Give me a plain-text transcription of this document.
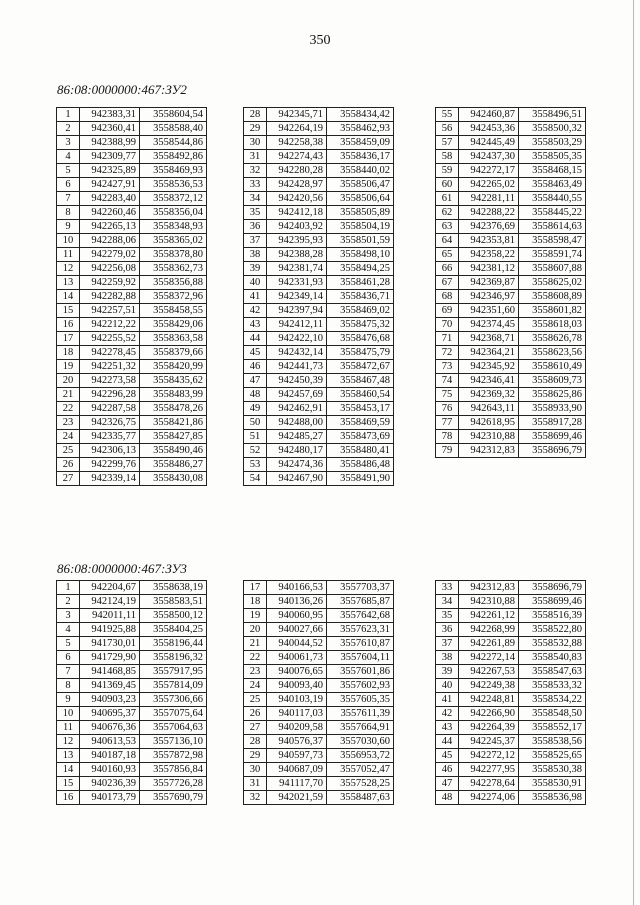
350
86:08:0000000:467:ЗУ2
86:08:0000000:467:ЗУ3
1	942383,31	3558604,54
2	942360,41	3558588,40
3	942388,99	3558544,86
4	942309,77	3558492,86
5	942325,89	3558469,93
6	942427,91	3558536,53
7	942283,40	3558372,12
8	942260,46	3558356,04
9	942265,13	3558348,93
10	942288,06	3558365,02
11	942279,02	3558378,80
12	942256,08	3558362,73
13	942259,92	3558356,88
14	942282,88	3558372,96
15	942257,51	3558458,55
16	942212,22	3558429,06
17	942255,52	3558363,58
18	942278,45	3558379,66
19	942251,32	3558420,99
20	942273,58	3558435,62
21	942296,28	3558483,99
22	942287,58	3558478,26
23	942326,75	3558421,86
24	942335,77	3558427,85
25	942306,13	3558490,46
26	942299,76	3558486,27
27	942339,14	3558430,08
28	942345,71	3558434,42
29	942264,19	3558462,93
30	942258,38	3558459,09
31	942274,43	3558436,17
32	942280,28	3558440,02
33	942428,97	3558506,47
34	942420,56	3558506,64
35	942412,18	3558505,89
36	942403,92	3558504,19
37	942395,93	3558501,59
38	942388,28	3558498,10
39	942381,74	3558494,25
40	942331,93	3558461,28
41	942349,14	3558436,71
42	942397,94	3558469,02
43	942412,11	3558475,32
44	942422,10	3558476,68
45	942432,14	3558475,79
46	942441,73	3558472,67
47	942450,39	3558467,48
48	942457,69	3558460,54
49	942462,91	3558453,17
50	942488,00	3558469,59
51	942485,27	3558473,69
52	942480,17	3558480,41
53	942474,36	3558486,48
54	942467,90	3558491,90
55	942460,87	3558496,51
56	942453,36	3558500,32
57	942445,49	3558503,29
58	942437,30	3558505,35
59	942272,17	3558468,15
60	942265,02	3558463,49
61	942281,11	3558440,55
62	942288,22	3558445,22
63	942376,69	3558614,63
64	942353,81	3558598,47
65	942358,22	3558591,74
66	942381,12	3558607,88
67	942369,87	3558625,02
68	942346,97	3558608,89
69	942351,60	3558601,82
70	942374,45	3558618,03
71	942368,71	3558626,78
72	942364,21	3558623,56
73	942345,92	3558610,49
74	942346,41	3558609,73
75	942369,32	3558625,86
76	942643,11	3558933,90
77	942618,95	3558917,28
78	942310,88	3558699,46
79	942312,83	3558696,79
1	942204,67	3558638,19
2	942124,19	3558583,51
3	942011,11	3558500,12
4	941925,88	3558404,25
5	941730,01	3558196,44
6	941729,90	3558196,32
7	941468,85	3557917,95
8	941369,45	3557814,09
9	940903,23	3557306,66
10	940695,37	3557075,64
11	940676,36	3557064,63
12	940613,53	3557136,10
13	940187,18	3557872,98
14	940160,93	3557856,84
15	940236,39	3557726,28
16	940173,79	3557690,79
17	940166,53	3557703,37
18	940136,26	3557685,87
19	940060,95	3557642,68
20	940027,66	3557623,31
21	940044,52	3557610,87
22	940061,73	3557604,11
23	940076,65	3557601,86
24	940093,40	3557602,93
25	940103,19	3557605,35
26	940117,03	3557611,39
27	940209,58	3557664,91
28	940576,37	3557030,60
29	940597,73	3556953,72
30	940687,09	3557052,47
31	941117,70	3557528,25
32	942021,59	3558487,63
33	942312,83	3558696,79
34	942310,88	3558699,46
35	942261,12	3558516,39
36	942268,99	3558522,80
37	942261,89	3558532,88
38	942272,14	3558540,83
39	942267,53	3558547,63
40	942249,38	3558533,32
41	942248,81	3558534,22
42	942266,90	3558548,50
43	942264,39	3558552,17
44	942245,37	3558538,56
45	942272,12	3558525,65
46	942277,95	3558530,38
47	942278,64	3558530,91
48	942274,06	3558536,98
